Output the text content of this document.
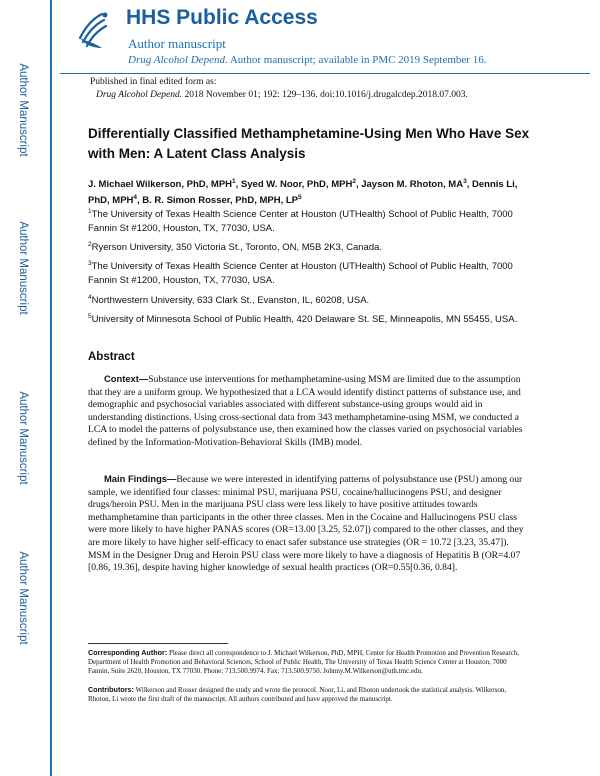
Author Manuscript
Author Manuscript
Author Manuscript
Author Manuscript
HHS Public Access
Author manuscript
Drug Alcohol Depend. Author manuscript; available in PMC 2019 September 16.
Published in final edited form as:
Drug Alcohol Depend. 2018 November 01; 192: 129–136. doi:10.1016/j.drugalcdep.2018.07.003.
Differentially Classified Methamphetamine-Using Men Who Have Sex with Men: A Latent Class Analysis
J. Michael Wilkerson, PhD, MPH$^1$, Syed W. Noor, PhD, MPH$^2$, Jayson M. Rhoton, $MA^3$, Dennis Li, PhD, MPH$^4$, B. R. Simon Rosser, PhD, MPH, $LP^5$
$^1$The University of Texas Health Science Center at Houston (UTHealth) School of Public Health, 7000 Fannin St #1200, Houston, TX, 77030, USA.
$^2$Ryerson University, 350 Victoria St., Toronto, ON, M5B 2K3, Canada.
$^3$The University of Texas Health Science Center at Houston (UTHealth) School of Public Health, 7000 Fannin St #1200, Houston, TX, 77030, USA.
$^4$Northwestern University, 633 Clark St., Evanston, IL, 60208, USA.
$^5$University of Minnesota School of Public Health, 420 Delaware St. SE, Minneapolis, MN 55455, USA.
Abstract
Context—Substance use interventions for methamphetamine-using MSM are limited due to the assumption that they are a uniform group. We hypothesized that a LCA would identify distinct patterns of substance use, and demographic and psychosocial variables associated with different substance-using groups would aid in understanding distinctions. Using cross-sectional data from 343 methamphetamine-using MSM, we conducted a LCA to model the patterns of polysubstance use, then examined how the classes varied on psychosocial variables defined by the Information-Motivation-Behavioral Skills (IMB) model.
Main Findings—Because we were interested in identifying patterns of polysubstance use (PSU) among our sample, we identified four classes: minimal PSU, marijuana PSU, cocaine/hallucinogens PSU, and designer drugs/heroin PSU. Men in the marijuana PSU class were less likely to have positive attitudes towards methamphetamine than participants in the other three classes. Men in the Cocaine and Hallucinogens PSU class were more likely to have higher PANAS scores (OR=13.00 [3.25, 52.07]) compared to the other classes, and they are more likely to have higher self-efficacy to enact safer substance use strategies (OR = 10.72 [3.23, 35.47]). MSM in the Designer Drug and Heroin PSU class were more likely to have a diagnosis of Hepatitis B (OR=4.07 [0.86, 19.36], despite having higher knowledge of sexual health practices (OR=0.55[0.36, 0.84].
Corresponding Author: Please direct all correspondence to J. Michael Wilkerson, PhD, MPH, Center for Health Promotion and Prevention Research, Department of Health Promotion and Behavioral Sciences, School of Public Health, The University of Texas Health Science Center at Houston, 7000 Fannin, Suite 2620, Houston, TX 77030. Phone: 713.500.9974. Fax: 713.500.9750. Johnny.M.Wilkerson@uth.tmc.edu.
Contributors: Wilkerson and Rosser designed the study and wrote the protocol. Noor, Li, and Rhoton undertook the statistical analysis. Wilkerson, Rhoton, Li wrote the first draft of the manuscript. All authors contributed and have approved the manuscript.
